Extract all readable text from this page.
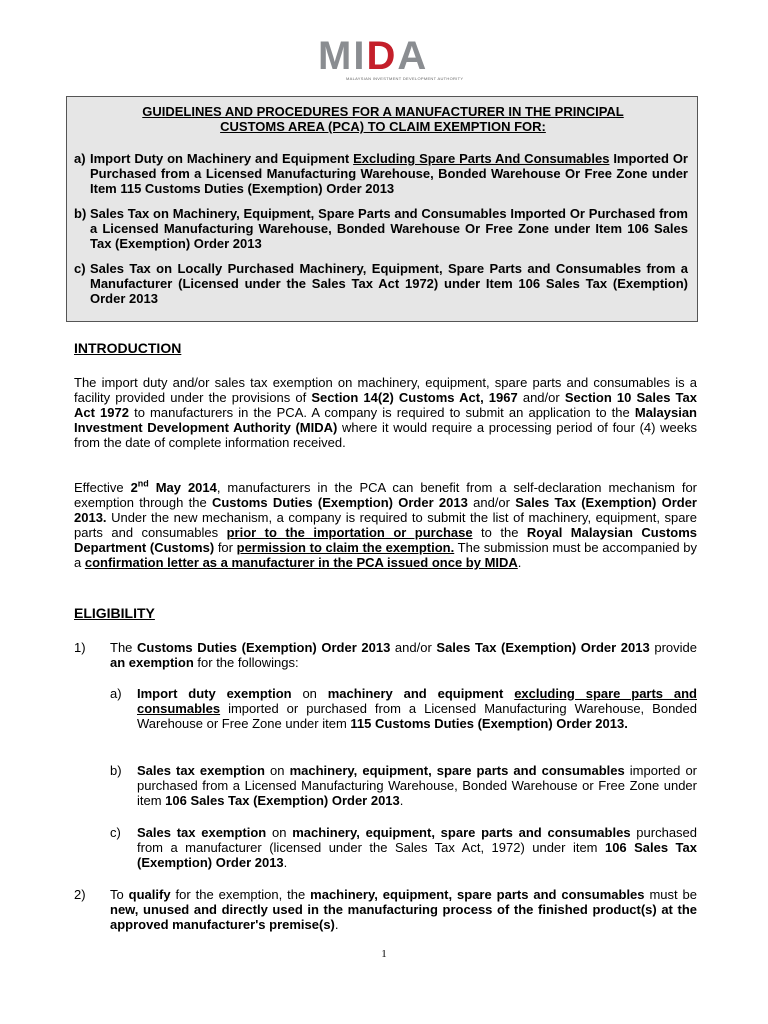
MIDA
MALAYSIAN INVESTMENT DEVELOPMENT AUTHORITY
GUIDELINES AND PROCEDURES FOR A MANUFACTURER IN THE PRINCIPAL
CUSTOMS AREA (PCA) TO CLAIM EXEMPTION FOR:
a) Import Duty on Machinery and Equipment Excluding Spare Parts And Consumables Imported Or Purchased from a Licensed Manufacturing Warehouse, Bonded Warehouse Or Free Zone under Item 115 Customs Duties (Exemption) Order 2013
b) Sales Tax on Machinery, Equipment, Spare Parts and Consumables Imported Or Purchased from a Licensed Manufacturing Warehouse, Bonded Warehouse Or Free Zone under Item 106 Sales Tax (Exemption) Order 2013
c) Sales Tax on Locally Purchased Machinery, Equipment, Spare Parts and Consumables from a Manufacturer (Licensed under the Sales Tax Act 1972) under Item 106 Sales Tax (Exemption) Order 2013
INTRODUCTION
The import duty and/or sales tax exemption on machinery, equipment, spare parts and consumables is a facility provided under the provisions of Section 14(2) Customs Act, 1967 and/or Section 10 Sales Tax Act 1972 to manufacturers in the PCA. A company is required to submit an application to the Malaysian Investment Development Authority (MIDA) where it would require a processing period of four (4) weeks from the date of complete information received.
Effective 2nd May 2014, manufacturers in the PCA can benefit from a self-declaration mechanism for exemption through the Customs Duties (Exemption) Order 2013 and/or Sales Tax (Exemption) Order 2013. Under the new mechanism, a company is required to submit the list of machinery, equipment, spare parts and consumables prior to the importation or purchase to the Royal Malaysian Customs Department (Customs) for permission to claim the exemption. The submission must be accompanied by a confirmation letter as a manufacturer in the PCA issued once by MIDA.
ELIGIBILITY
1) The Customs Duties (Exemption) Order 2013 and/or Sales Tax (Exemption) Order 2013 provide an exemption for the followings:
a) Import duty exemption on machinery and equipment excluding spare parts and consumables imported or purchased from a Licensed Manufacturing Warehouse, Bonded Warehouse or Free Zone under item 115 Customs Duties (Exemption) Order 2013.
b) Sales tax exemption on machinery, equipment, spare parts and consumables imported or purchased from a Licensed Manufacturing Warehouse, Bonded Warehouse or Free Zone under item 106 Sales Tax (Exemption) Order 2013.
c) Sales tax exemption on machinery, equipment, spare parts and consumables purchased from a manufacturer (licensed under the Sales Tax Act, 1972) under item 106 Sales Tax (Exemption) Order 2013.
2) To qualify for the exemption, the machinery, equipment, spare parts and consumables must be new, unused and directly used in the manufacturing process of the finished product(s) at the approved manufacturer's premise(s).
1
